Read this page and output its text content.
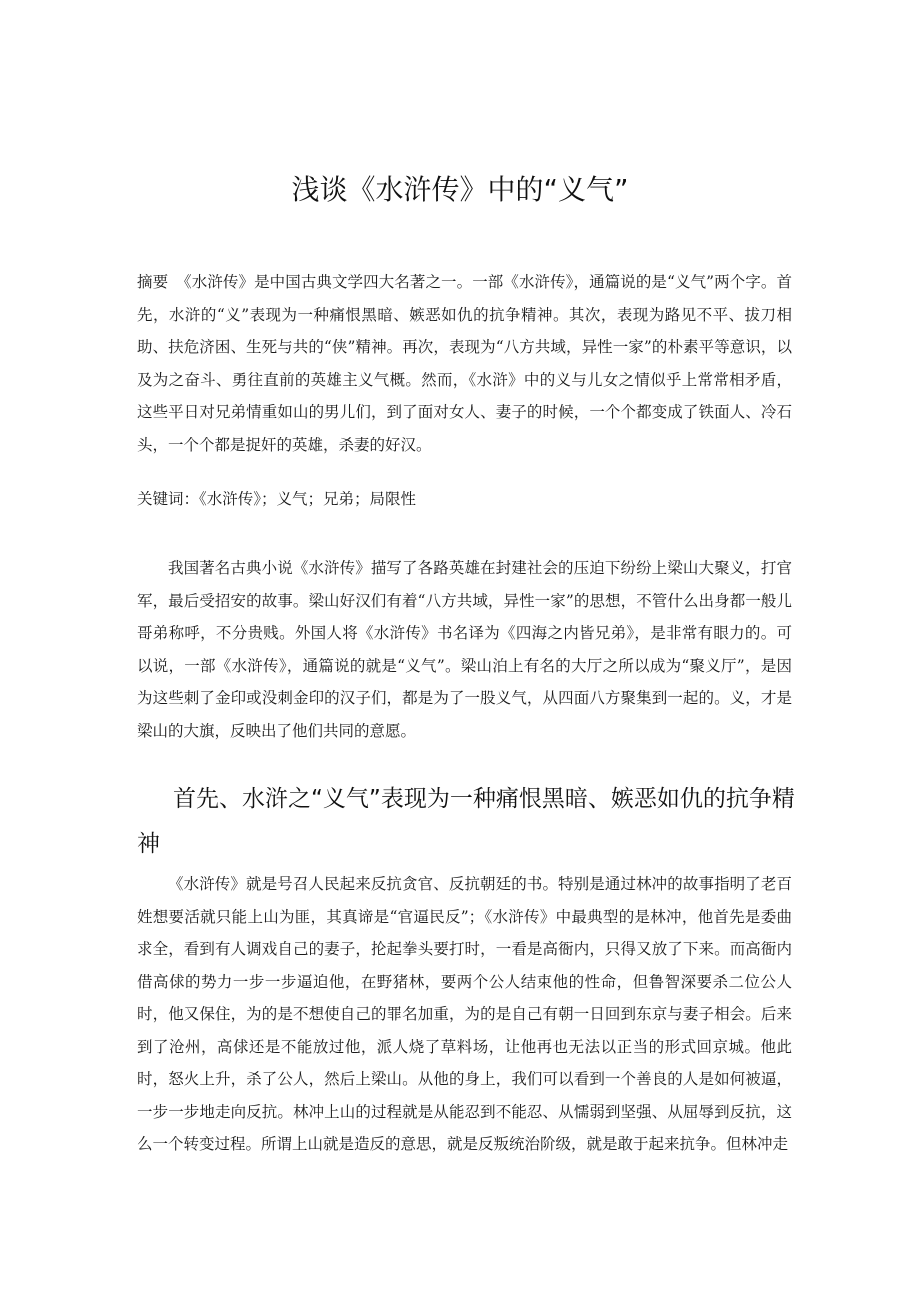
浅谈《水浒传》中的“义气”

摘要 《水浒传》是中国古典文学四大名著之一。一部《水浒传》，通篇说的是“义气”两个字。首先，水浒的“义”表现为一种痛恨黑暗、嫉恶如仇的抗争精神。其次，表现为路见不平、拔刀相助、扶危济困、生死与共的“侠”精神。再次，表现为“八方共域，异性一家”的朴素平等意识，以及为之奋斗、勇往直前的英雄主义气概。然而，《水浒》中的义与儿女之情似乎上常常相矛盾，这些平日对兄弟情重如山的男儿们，到了面对女人、妻子的时候，一个个都变成了铁面人、冷石头，一个个都是捉奸的英雄，杀妻的好汉。

关键词：《水浒传》；义气；兄弟；局限性

我国著名古典小说《水浒传》描写了各路英雄在封建社会的压迫下纷纷上梁山大聚义，打官军，最后受招安的故事。梁山好汉们有着“八方共域，异性一家”的思想，不管什么出身都一般儿哥弟称呼，不分贵贱。外国人将《水浒传》书名译为《四海之内皆兄弟》，是非常有眼力的。可以说，一部《水浒传》，通篇说的就是“义气”。梁山泊上有名的大厅之所以成为“聚义厅”，是因为这些刺了金印或没刺金印的汉子们，都是为了一股义气，从四面八方聚集到一起的。义，才是梁山的大旗，反映出了他们共同的意愿。

首先、水浒之“义气”表现为一种痛恨黑暗、嫉恶如仇的抗争精神

《水浒传》就是号召人民起来反抗贪官、反抗朝廷的书。特别是通过林冲的故事指明了老百姓想要活就只能上山为匪，其真谛是“官逼民反”；《水浒传》中最典型的是林冲，他首先是委曲求全，看到有人调戏自己的妻子，抡起拳头要打时，一看是高衙内，只得又放了下来。而高衙内借高俅的势力一步一步逼迫他，在野猪林，要两个公人结束他的性命，但鲁智深要杀二位公人时，他又保住，为的是不想使自己的罪名加重，为的是自己有朝一日回到东京与妻子相会。后来到了沧州，高俅还是不能放过他，派人烧了草料场，让他再也无法以正当的形式回京城。他此时，怒火上升，杀了公人，然后上梁山。从他的身上，我们可以看到一个善良的人是如何被逼，一步一步地走向反抗。林冲上山的过程就是从能忍到不能忍、从懦弱到坚强、从屈辱到反抗，这么一个转变过程。所谓上山就是造反的意思，就是反叛统治阶级，就是敢于起来抗争。但林冲走
